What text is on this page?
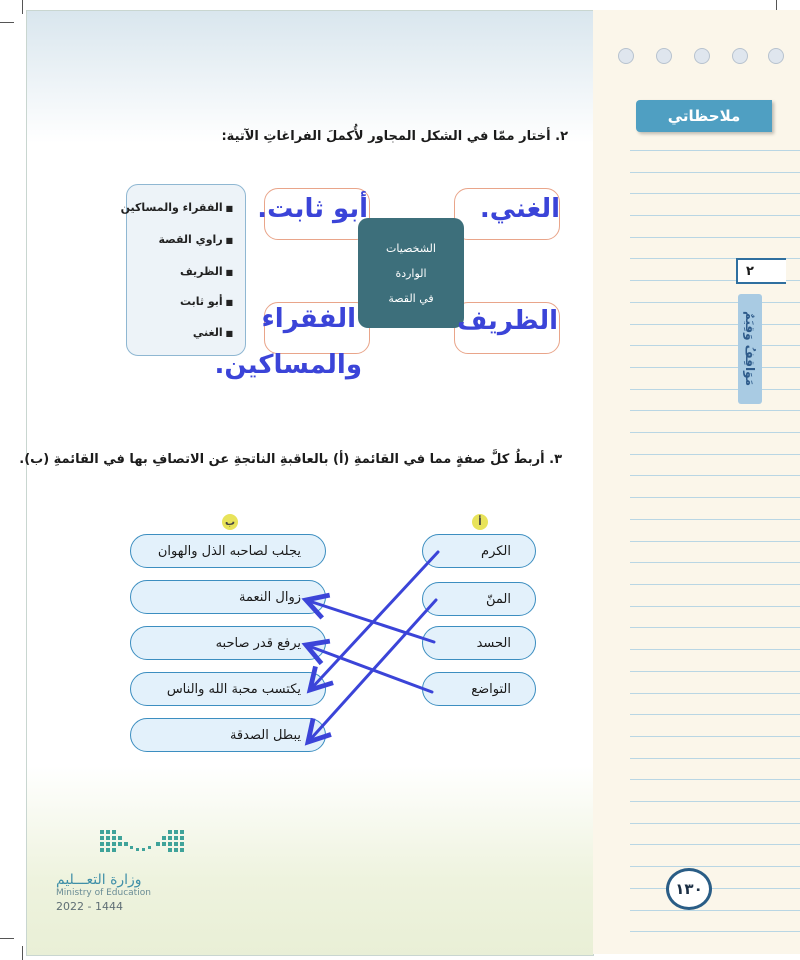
ملاحظاتي
٢
مَوَاقِفُ وَقِيَمٌ
١٣٠
٢. أختار ممّا في الشكل المجاور لأُكملَ الفراغاتِ الآتية:
■ الفقراء والمساكين
■ راوي القصة
■ الظريف
■ أبو ثابت
■ الغني
الشخصيات
الواردة
في القصة
الغني.
أبو ثابت.
الظريف
الفقراء
والمساكين.
٣. أربطُ كلَّ صفةٍ مما في القائمةِ (أ) بالعاقبةِ الناتجةِ عن الاتصافِ بها في القائمةِ (ب).
أ
ب
الكرم
المنّ
الحسد
التواضع
يجلب لصاحبه الذل والهوان
زوال النعمة
يرفع قدر صاحبه
يكتسب محبة الله والناس
يبطل الصدقة
وزارة التعـــليم
Ministry of Education
2022 - 1444
